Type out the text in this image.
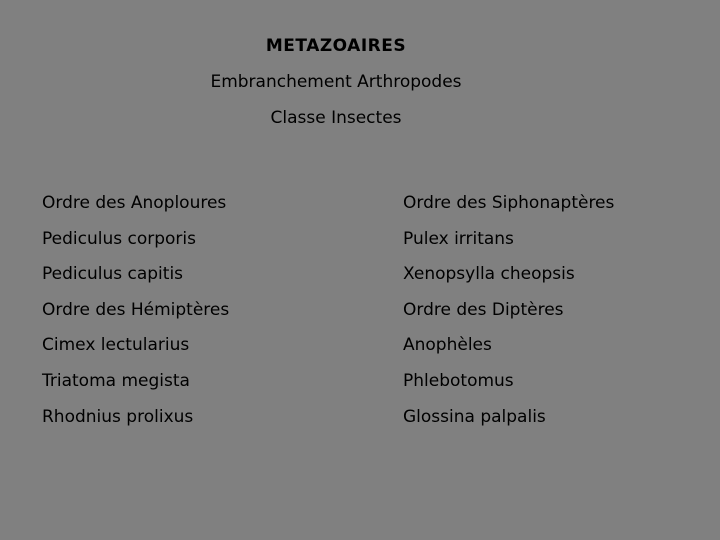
METAZOAIRES
Embranchement Arthropodes
Classe Insectes
Ordre des Anoploures
Pediculus corporis
Pediculus capitis
Ordre des Hémiptères
Cimex lectularius
Triatoma megista
Rhodnius prolixus
Ordre des Siphonaptères
Pulex irritans
Xenopsylla cheopsis
Ordre des Diptères
Anophèles
Phlebotomus
Glossina palpalis
